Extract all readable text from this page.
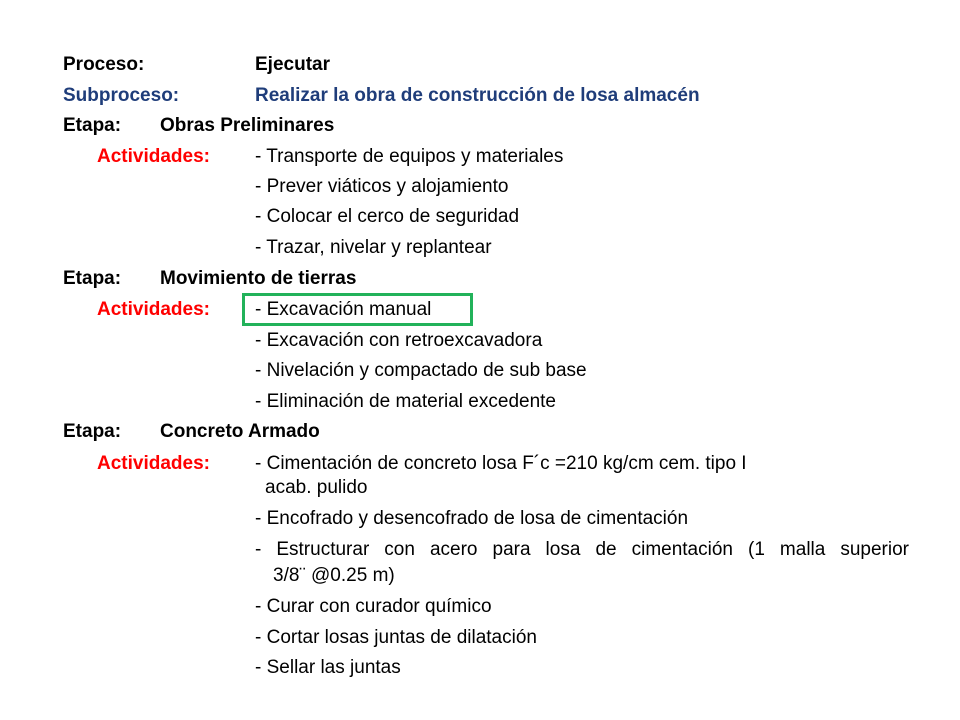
Proceso:	Ejecutar
Subproceso:	Realizar la obra de construcción de losa almacén
Etapa: Obras Preliminares
Actividades: - Transporte de equipos y materiales
- Prever viáticos y alojamiento
- Colocar el cerco de seguridad
- Trazar, nivelar y replantear
Etapa: Movimiento de tierras
Actividades: - Excavación manual
- Excavación con retroexcavadora
- Nivelación y compactado de sub base
- Eliminación de material excedente
Etapa: Concreto Armado
Actividades: - Cimentación de concreto losa F´c =210 kg/cm cem. tipo I
acab. pulido
- Encofrado y desencofrado de losa de cimentación
- Estructurar con acero para losa de cimentación (1 malla superior
3/8¨ @0.25 m)
- Curar con curador químico
- Cortar losas juntas de dilatación
- Sellar las juntas
